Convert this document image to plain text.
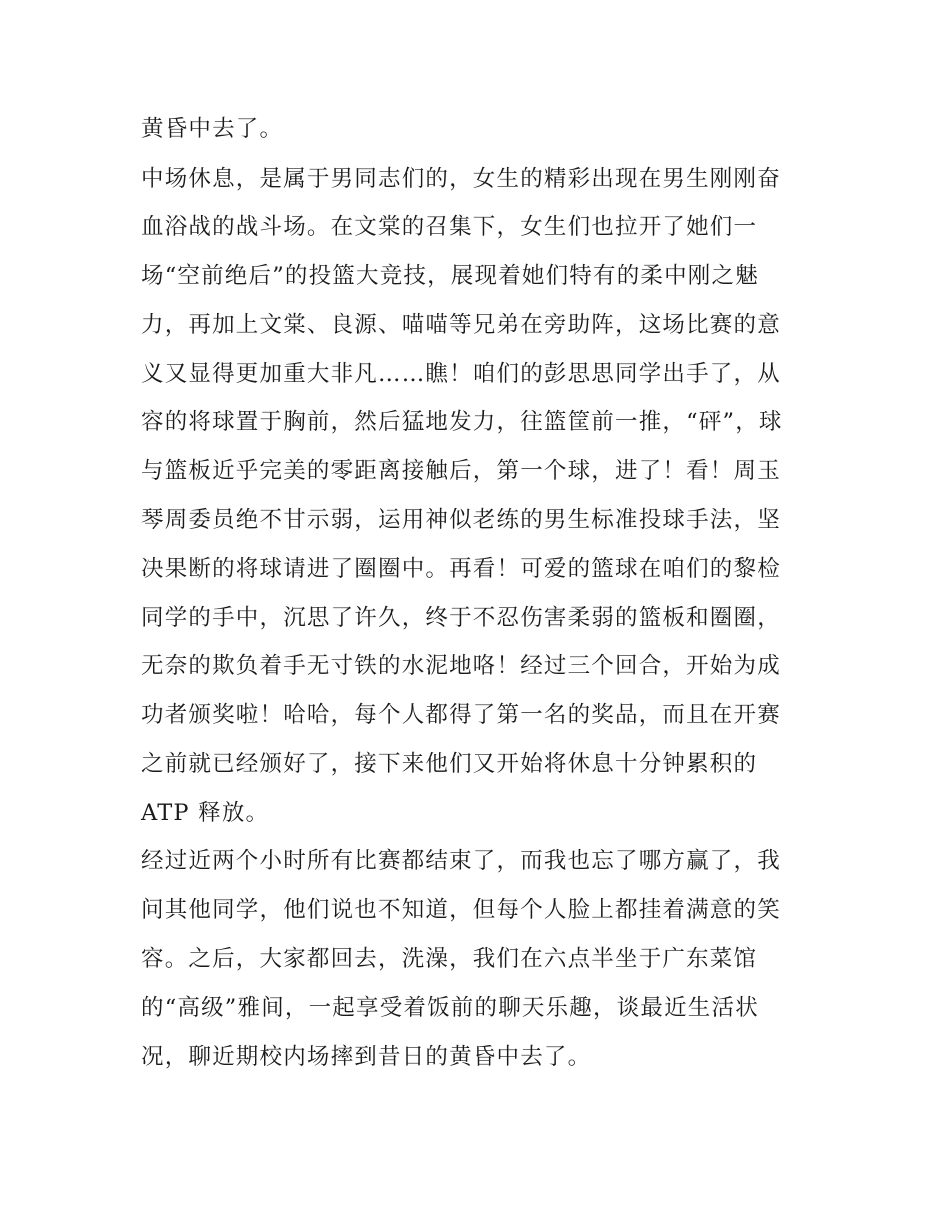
黄昏中去了。
中场休息，是属于男同志们的，女生的精彩出现在男生刚刚奋
血浴战的战斗场。在文棠的召集下，女生们也拉开了她们一
场“空前绝后”的投篮大竞技，展现着她们特有的柔中刚之魅
力，再加上文棠、良源、喵喵等兄弟在旁助阵，这场比赛的意
义又显得更加重大非凡……瞧！咱们的彭思思同学出手了，从
容的将球置于胸前，然后猛地发力，往篮筐前一推，“砰”，球
与篮板近乎完美的零距离接触后，第一个球，进了！看！周玉
琴周委员绝不甘示弱，运用神似老练的男生标准投球手法，坚
决果断的将球请进了圈圈中。再看！可爱的篮球在咱们的黎检
同学的手中，沉思了许久，终于不忍伤害柔弱的篮板和圈圈，
无奈的欺负着手无寸铁的水泥地咯！经过三个回合，开始为成
功者颁奖啦！哈哈，每个人都得了第一名的奖品，而且在开赛
之前就已经颁好了，接下来他们又开始将休息十分钟累积的
ATP 释放。
经过近两个小时所有比赛都结束了，而我也忘了哪方赢了，我
问其他同学，他们说也不知道，但每个人脸上都挂着满意的笑
容。之后，大家都回去，洗澡，我们在六点半坐于广东菜馆
的“高级”雅间，一起享受着饭前的聊天乐趣，谈最近生活状
况，聊近期校内场摔到昔日的黄昏中去了。
